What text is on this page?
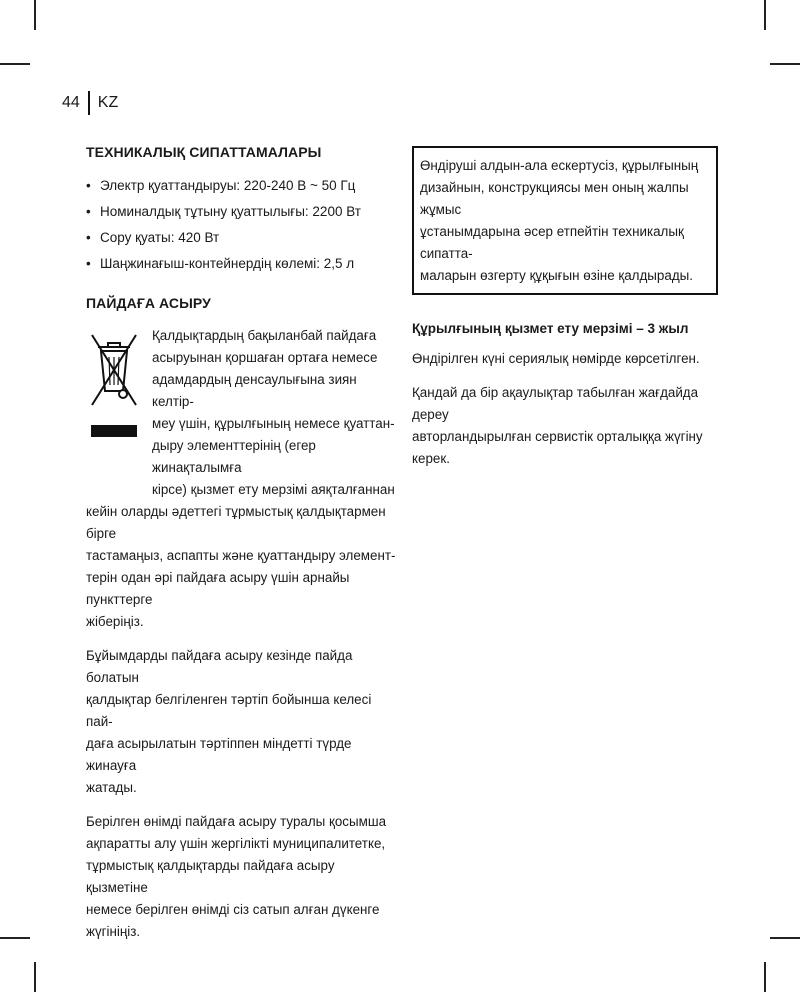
44	KZ
ТЕХНИКАЛЫҚ СИПАТТАМАЛАРЫ
• Электр қуаттандыруы: 220-240 В ~ 50 Гц
• Номиналдық тұтыну қуаттылығы: 2200 Вт
• Сору қуаты: 420 Вт
• Шаңжинағыш-контейнердің көлемі: 2,5 л
ПАЙДАҒА АСЫРУ

Қалдықтардың бақыланбай пайдаға
асыруынан қоршаған ортаға немесе
адамдардың денсаулығына зиян келтір-
меу үшін, құрылғының немесе қуаттан-
дыру элементтерінің (егер жинақталымға
кірсе) қызмет ету мерзімі аяқталғаннан

кейін оларды әдеттегі тұрмыстық қалдықтармен бірге
тастамаңыз, аспапты және қуаттандыру элемент-
терін одан әрі пайдаға асыру үшін арнайы пункттерге
жіберіңіз.

Бұйымдарды пайдаға асыру кезінде пайда болатын
қалдықтар белгіленген тәртіп бойынша келесі пай-
даға асырылатын тәртіппен міндетті түрде жинауға
жатады.

Берілген өнімді пайдаға асыру туралы қосымша
ақпаратты алу үшін жергілікті муниципалитетке,
тұрмыстық қалдықтарды пайдаға асыру қызметіне
немесе берілген өнімді сіз сатып алған дүкенге
жүгініңіз.

Өндіруші алдын-ала ескертусіз, құрылғының
дизайнын, конструкциясы мен оның жалпы жұмыс
ұстанымдарына әсер етпейтін техникалық сипатта-
маларын өзгерту құқығын өзіне қалдырады.
Құрылғының қызмет ету мерзімі – 3 жыл

Өндірілген күні сериялық нөмірде көрсетілген.

Қандай да бір ақаулықтар табылған жағдайда дереу
авторландырылған сервистік орталыққа жүгіну керек.
